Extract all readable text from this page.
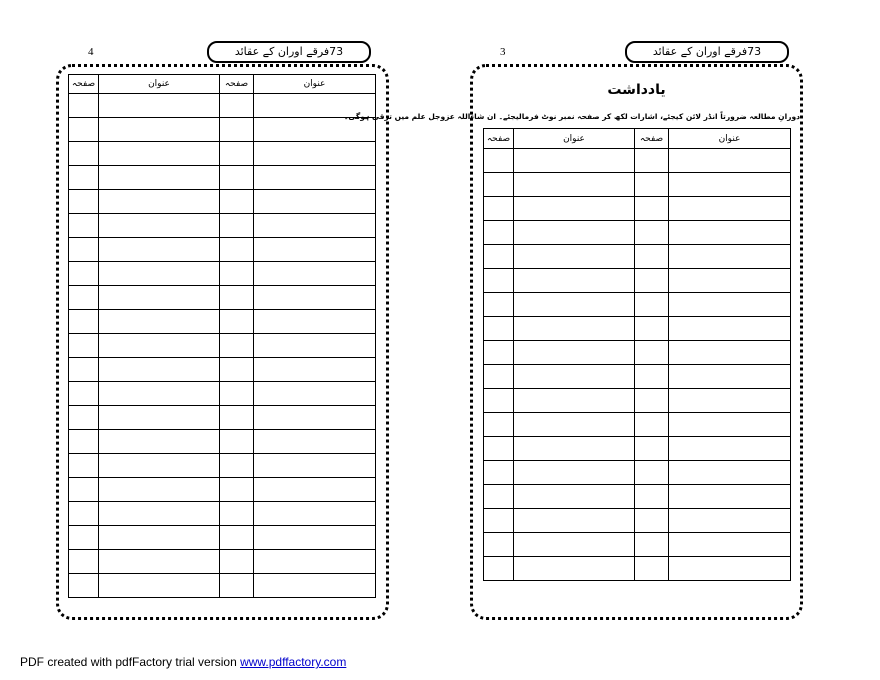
4	73فرقے اوران کے عقائد
عنوان	صفحہ	عنوان	صفحہ

3	73فرقے اوران کے عقائد
یادداشت
دورانِ مطالعہ ضرورتاً انڈر لائن کیجئے، اشارات لکھ کر صفحہ نمبر نوٹ فرمالیجئے۔ ان شاءاللہ عزوجل علم میں ترقی ہوگی۔
عنوان	صفحہ	عنوان	صفحہ

PDF created with pdfFactory trial version www.pdffactory.com
